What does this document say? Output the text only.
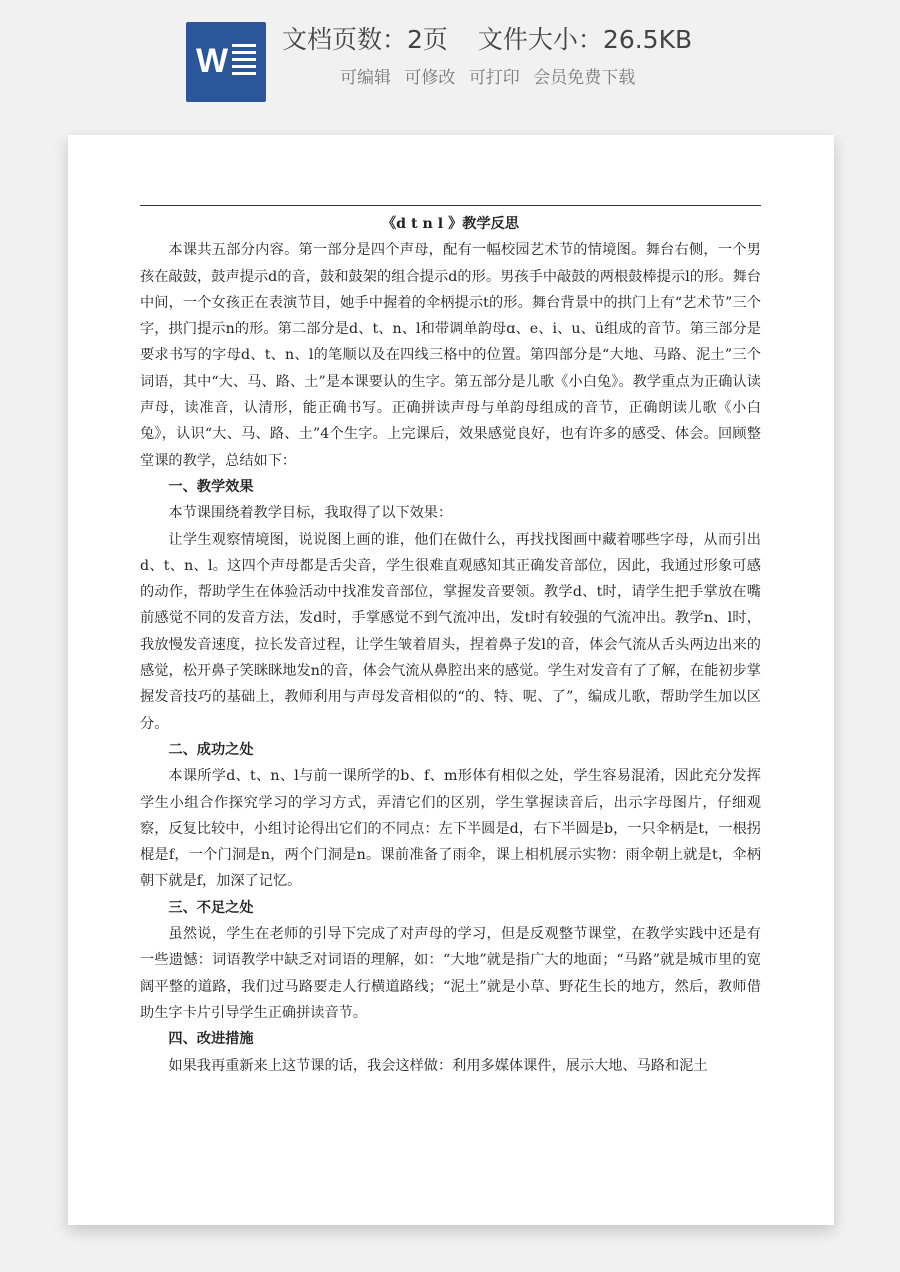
W
文档页数：2页 文件大小：26.5KB
可编辑 可修改 可打印 会员免费下载
《d t n l 》教学反思

本课共五部分内容。第一部分是四个声母，配有一幅校园艺术节的情境图。舞台右侧，一个男孩在敲鼓，鼓声提示d的音，鼓和鼓架的组合提示d的形。男孩手中敲鼓的两根鼓棒提示l的形。舞台中间，一个女孩正在表演节目，她手中握着的伞柄提示t的形。舞台背景中的拱门上有“艺术节”三个字，拱门提示n的形。第二部分是d、t、n、l和带调单韵母ɑ、e、i、u、ü组成的音节。第三部分是要求书写的字母d、t、n、l的笔顺以及在四线三格中的位置。第四部分是“大地、马路、泥土”三个词语，其中“大、马、路、土”是本课要认的生字。第五部分是儿歌《小白兔》。教学重点为正确认读声母，读准音，认清形，能正确书写。正确拼读声母与单韵母组成的音节，正确朗读儿歌《小白兔》，认识“大、马、路、土”4个生字。上完课后，效果感觉良好，也有许多的感受、体会。回顾整堂课的教学，总结如下：

一、教学效果

本节课围绕着教学目标，我取得了以下效果：

让学生观察情境图，说说图上画的谁，他们在做什么，再找找图画中藏着哪些字母，从而引出d、t、n、l。这四个声母都是舌尖音，学生很难直观感知其正确发音部位，因此，我通过形象可感的动作，帮助学生在体验活动中找准发音部位，掌握发音要领。教学d、t时，请学生把手掌放在嘴前感觉不同的发音方法，发d时，手掌感觉不到气流冲出，发t时有较强的气流冲出。教学n、l时，我放慢发音速度，拉长发音过程，让学生皱着眉头，捏着鼻子发l的音，体会气流从舌头两边出来的感觉，松开鼻子笑眯眯地发n的音，体会气流从鼻腔出来的感觉。学生对发音有了了解，在能初步掌握发音技巧的基础上，教师利用与声母发音相似的“的、特、呢、了”，编成儿歌，帮助学生加以区分。

二、成功之处

本课所学d、t、n、l与前一课所学的b、f、m形体有相似之处，学生容易混淆，因此充分发挥学生小组合作探究学习的学习方式，弄清它们的区别，学生掌握读音后，出示字母图片，仔细观察，反复比较中，小组讨论得出它们的不同点：左下半圆是d，右下半圆是b，一只伞柄是t，一根拐棍是f，一个门洞是n，两个门洞是n。课前准备了雨伞，课上相机展示实物：雨伞朝上就是t，伞柄朝下就是f，加深了记忆。

三、不足之处

虽然说，学生在老师的引导下完成了对声母的学习，但是反观整节课堂，在教学实践中还是有一些遗憾：词语教学中缺乏对词语的理解，如：“大地”就是指广大的地面；“马路”就是城市里的宽阔平整的道路，我们过马路要走人行横道路线；“泥土”就是小草、野花生长的地方，然后，教师借助生字卡片引导学生正确拼读音节。

四、改进措施

如果我再重新来上这节课的话，我会这样做：利用多媒体课件，展示大地、马路和泥土
